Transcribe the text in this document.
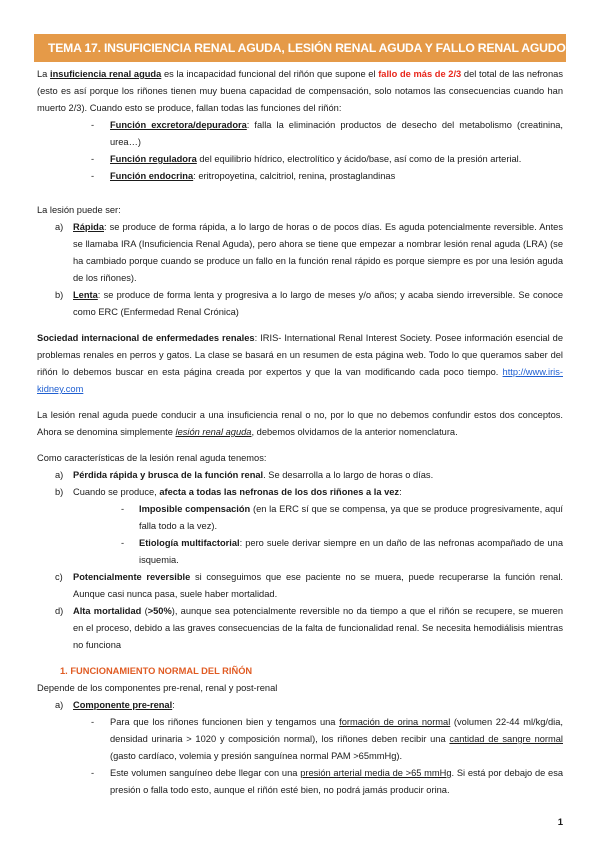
TEMA 17. INSUFICIENCIA RENAL AGUDA, LESIÓN RENAL AGUDA Y FALLO RENAL AGUDO

La insuficiencia renal aguda es la incapacidad funcional del riñón que supone el fallo de más de 2/3 del total de las nefronas (esto es así porque los riñones tienen muy buena capacidad de compensación, solo notamos las consecuencias cuando han muerto 2/3). Cuando esto se produce, fallan todas las funciones del riñón:

- Función excretora/depuradora: falla la eliminación productos de desecho del metabolismo (creatinina, urea…)
- Función reguladora del equilibrio hídrico, electrolítico y ácido/base, así como de la presión arterial.
- Función endocrina: eritropoyetina, calcitriol, renina, prostaglandinas

La lesión puede ser:

a) Rápida: se produce de forma rápida, a lo largo de horas o de pocos días. Es aguda potencialmente reversible. Antes se llamaba IRA (Insuficiencia Renal Aguda), pero ahora se tiene que empezar a nombrar lesión renal aguda (LRA) (se ha cambiado porque cuando se produce un fallo en la función renal rápido es porque siempre es por una lesión aguda de los riñones).
b) Lenta: se produce de forma lenta y progresiva a lo largo de meses y/o años; y acaba siendo irreversible. Se conoce como ERC (Enfermedad Renal Crónica)

Sociedad internacional de enfermedades renales: IRIS- International Renal Interest Society. Posee información esencial de problemas renales en perros y gatos. La clase se basará en un resumen de esta página web. Todo lo que queramos saber del riñón lo debemos buscar en esta página creada por expertos y que la van modificando cada poco tiempo. http://www.iris-kidney.com

La lesión renal aguda puede conducir a una insuficiencia renal o no, por lo que no debemos confundir estos dos conceptos. Ahora se denomina simplemente lesión renal aguda, debemos olvidamos de la anterior nomenclatura.

Como características de la lesión renal aguda tenemos:

a) Pérdida rápida y brusca de la función renal. Se desarrolla a lo largo de horas o días.
b) Cuando se produce, afecta a todas las nefronas de los dos riñones a la vez:
- Imposible compensación (en la ERC sí que se compensa, ya que se produce progresivamente, aquí falla todo a la vez).
- Etiología multifactorial: pero suele derivar siempre en un daño de las nefronas acompañado de una isquemia.
c) Potencialmente reversible si conseguimos que ese paciente no se muera, puede recuperarse la función renal. Aunque casi nunca pasa, suele haber mortalidad.
d) Alta mortalidad (>50%), aunque sea potencialmente reversible no da tiempo a que el riñón se recupere, se mueren en el proceso, debido a las graves consecuencias de la falta de funcionalidad renal. Se necesita hemodiálisis mientras no funciona

1. FUNCIONAMIENTO NORMAL DEL RIÑÓN

Depende de los componentes pre-renal, renal y post-renal

a) Componente pre-renal:
- Para que los riñones funcionen bien y tengamos una formación de orina normal (volumen 22-44 ml/kg/dia, densidad urinaria > 1020 y composición normal), los riñones deben recibir una cantidad de sangre normal (gasto cardíaco, volemia y presión sanguínea normal PAM >65mmHg).
- Este volumen sanguíneo debe llegar con una presión arterial media de >65 mmHg. Si está por debajo de esa presión o falla todo esto, aunque el riñón esté bien, no podrá jamás producir orina.
1
